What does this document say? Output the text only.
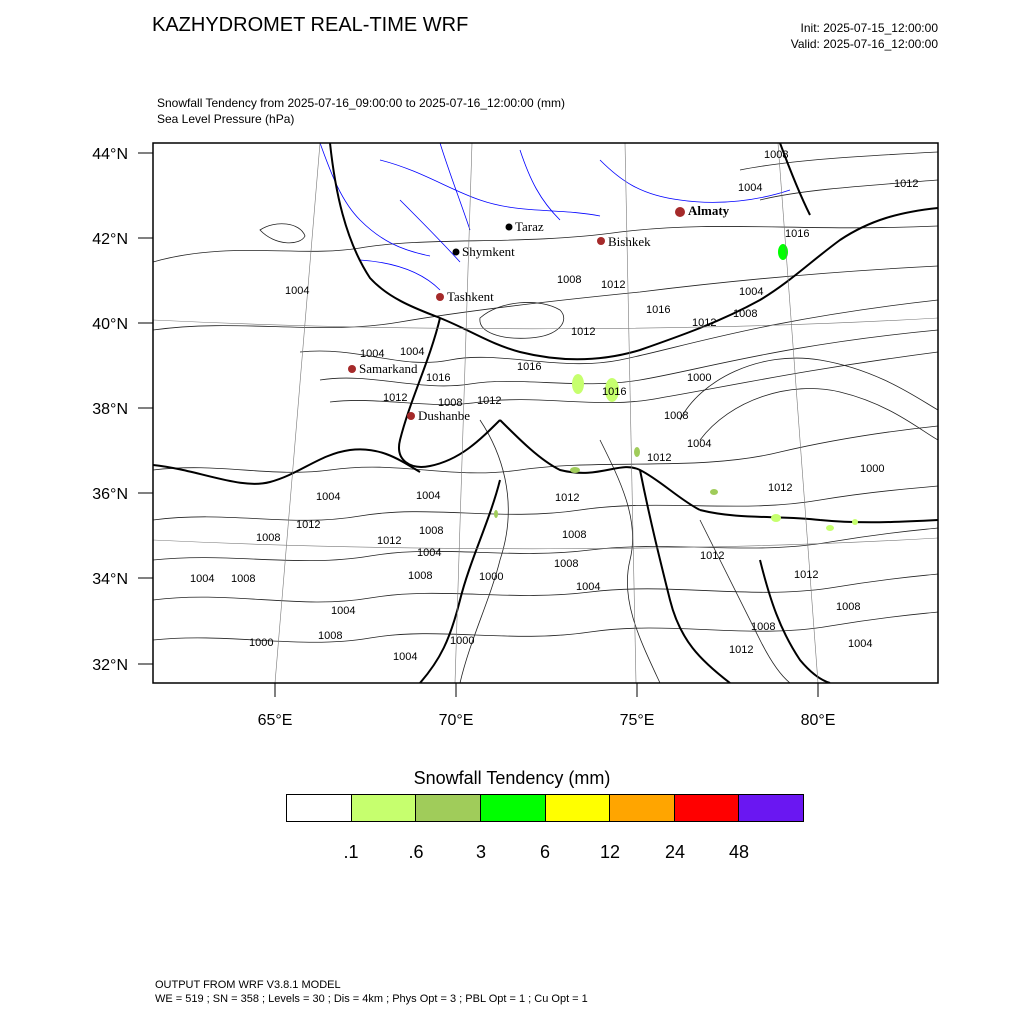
KAZHYDROMET REAL-TIME WRF	Init: 2025-07-15_12:00:00
Valid: 2025-07-16_12:00:00
Snowfall Tendency from 2025-07-16_09:00:00 to 2025-07-16_12:00:00 (mm)
Sea Level Pressure (hPa)
1008
1004	1012
1016
1004
1008 1012
1004
1016
1012
1008
1012
1004 1004
1016
1000
1016
1016
1012	1008 1012
1008
1004
1012
1000
1012
1004	1004	1012
1012	1008
1008	1012	1008
1004	1012
1008
1004 1008	1008	1000	1012
1004
1004	1008
1008
1008	1000
1000	1004
1012
1004
Almaty
Bishkek
Taraz
Shymkent
Tashkent
Samarkand
Dushanbe
44°N
42°N
40°N
38°N
36°N
34°N
32°N
65°E	70°E	75°E	80°E
Snowfall Tendency (mm)
.1	.6	3	6	12 24 48
OUTPUT FROM WRF V3.8.1 MODEL
WE = 519 ; SN = 358 ; Levels = 30 ; Dis = 4km ; Phys Opt = 3 ; PBL Opt = 1 ; Cu Opt = 1
